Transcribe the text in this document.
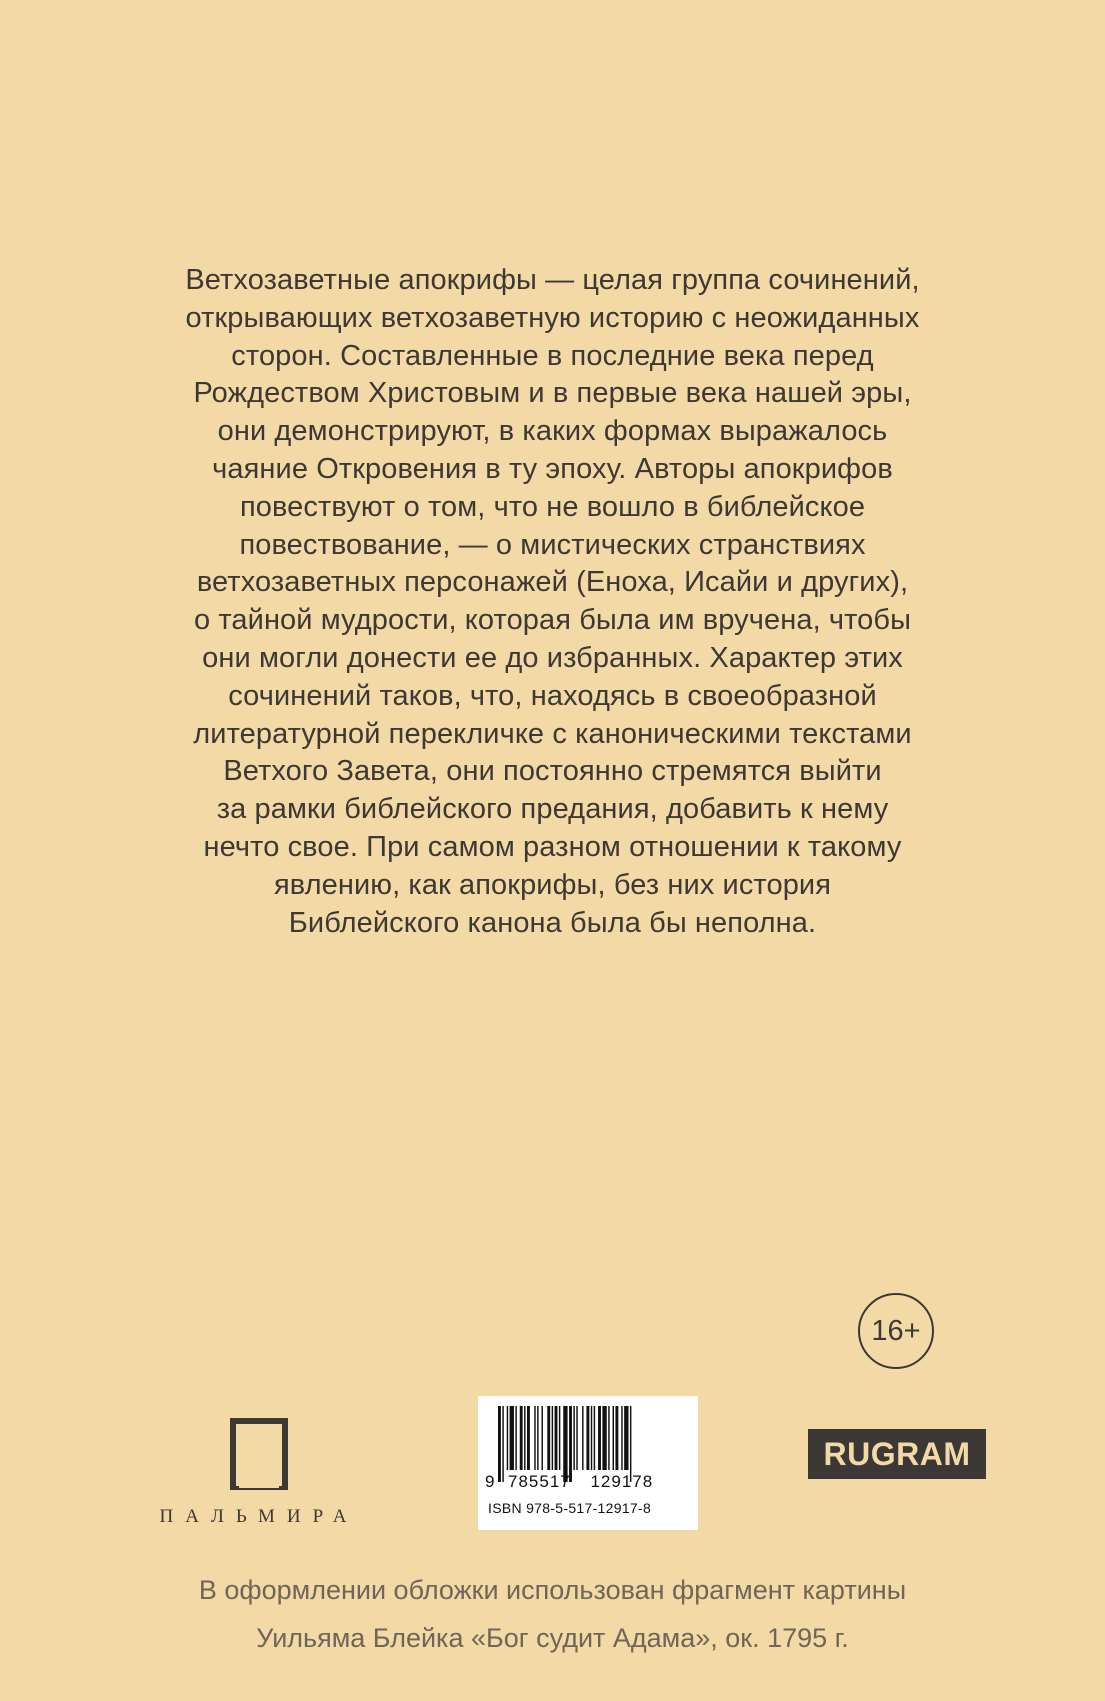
Ветхозаветные апокрифы — целая группа сочинений,
открывающих ветхозаветную историю с неожиданных
сторон. Составленные в последние века перед
Рождеством Христовым и в первые века нашей эры,
они демонстрируют, в каких формах выражалось
чаяние Откровения в ту эпоху. Авторы апокрифов
повествуют о том, что не вошло в библейское
повествование, — о мистических странствиях
ветхозаветных персонажей (Еноха, Исайи и других),
о тайной мудрости, которая была им вручена, чтобы
они могли донести ее до избранных. Характер этих
сочинений таков, что, находясь в своеобразной
литературной перекличке с каноническими текстами
Ветхого Завета, они постоянно стремятся выйти
за рамки библейского предания, добавить к нему
нечто свое. При самом разном отношении к такому
явлению, как апокрифы, без них история
Библейского канона была бы неполна.
16+
ПАЛЬМИРА
9 785517 129178
ISBN 978-5-517-12917-8
RUGRAM
В оформлении обложки использован фрагмент картины
Уильяма Блейка «Бог судит Адама», ок. 1795 г.
